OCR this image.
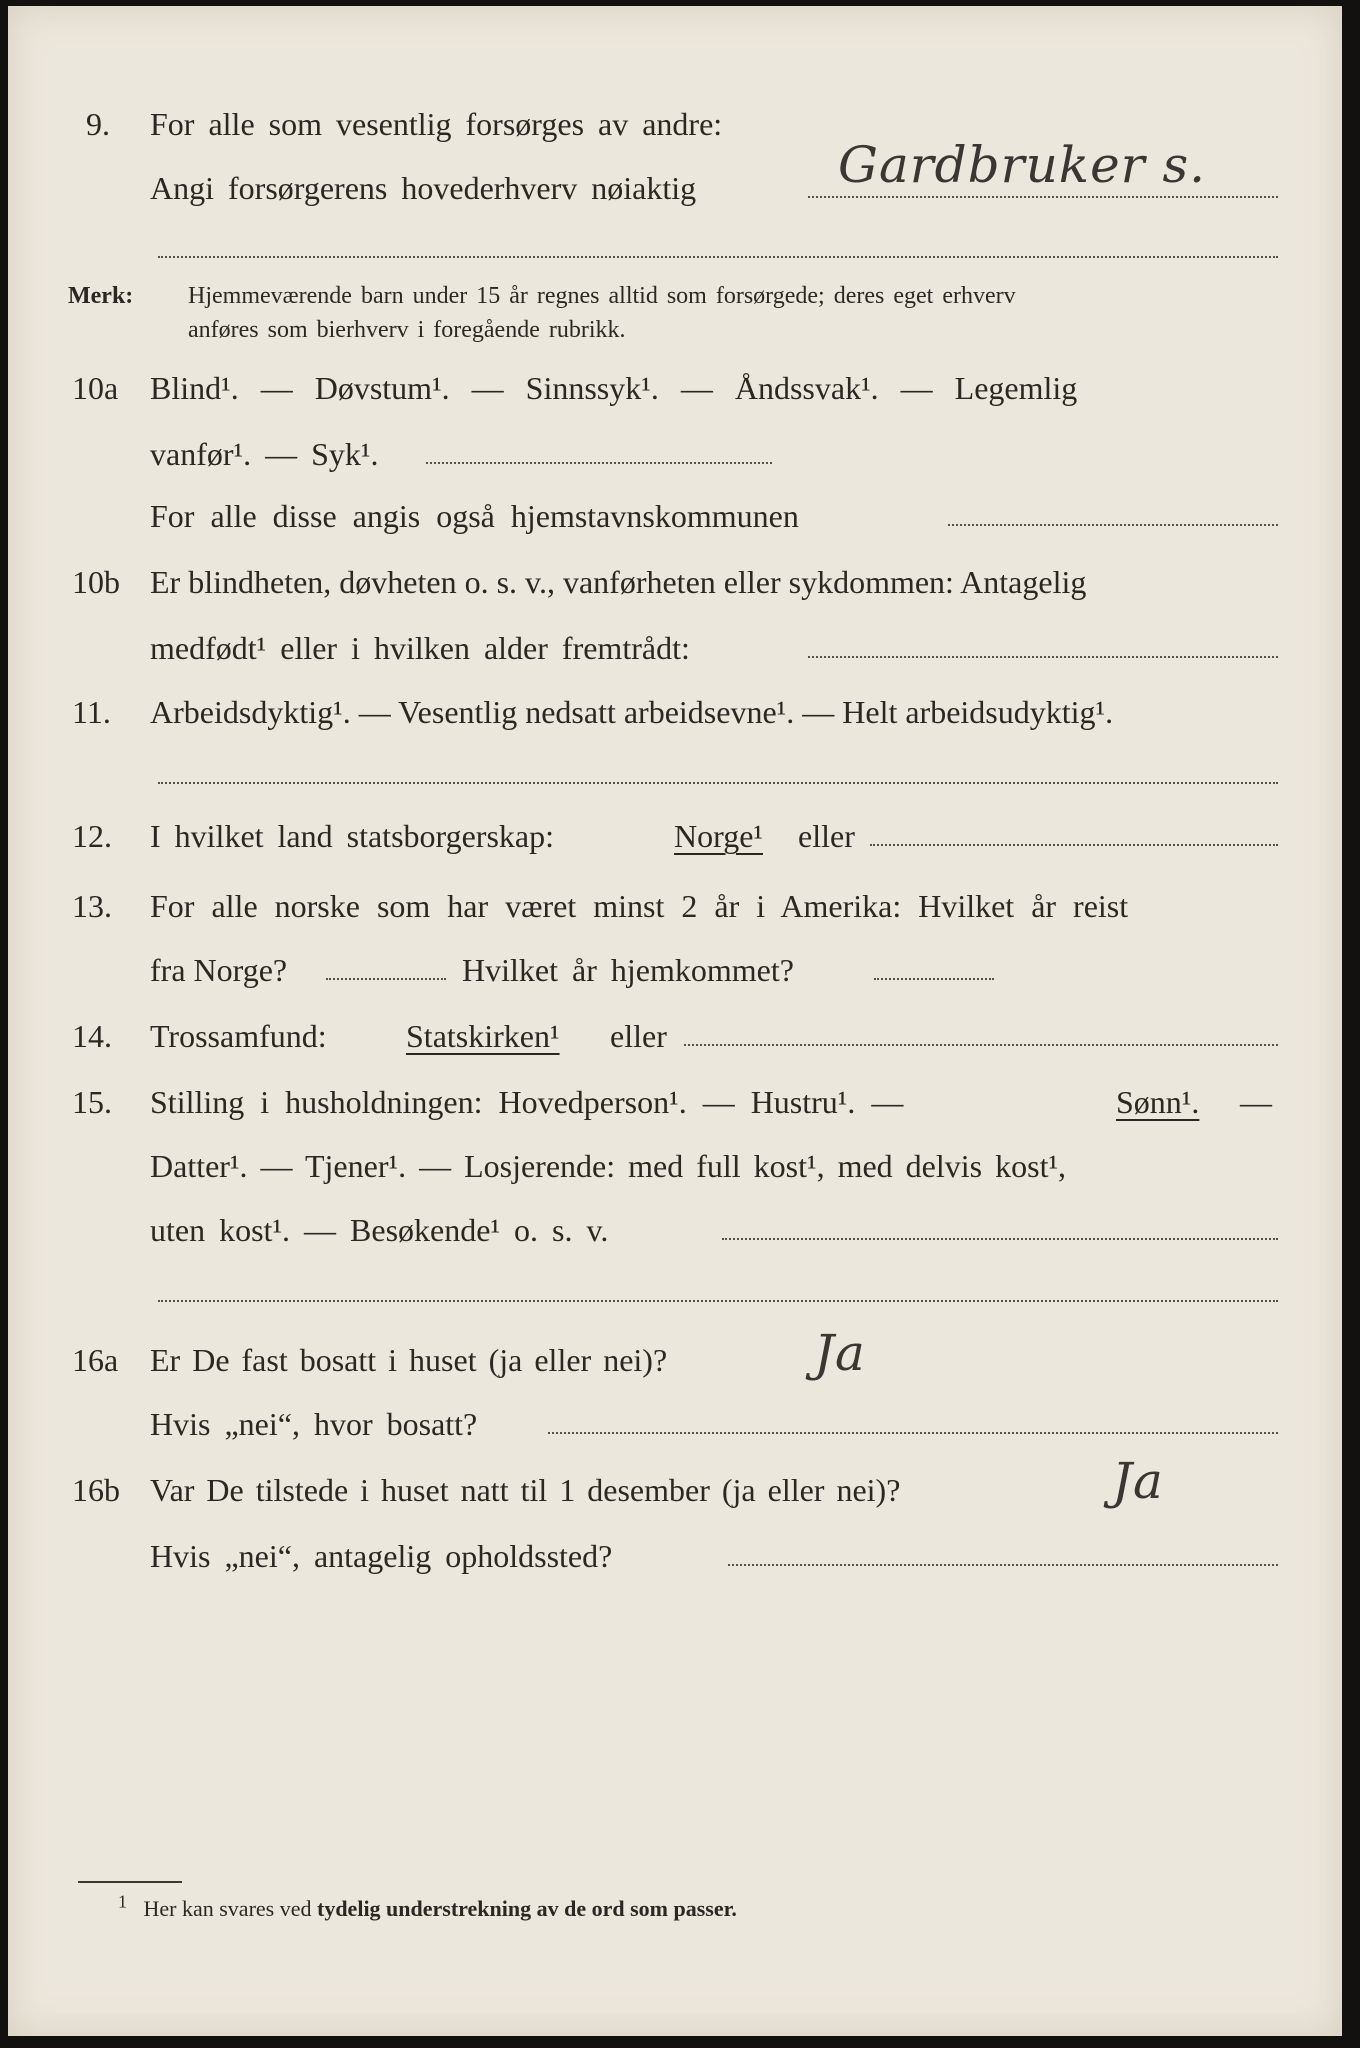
9. For alle som vesentlig forsørges av andre:
Angi forsørgerens hovederhverv nøiaktig	Gardbruker s.
Merk: Hjemmeværende barn under 15 år regnes alltid som forsørgede; deres eget erhverv
anføres som bierhverv i foregående rubrikk.
10a Blind¹. — Døvstum¹. — Sinnssyk¹. — Åndssvak¹. — Legemlig
vanfør¹. — Syk¹.
For alle disse angis også hjemstavnskommunen
10b Er blindheten, døvheten o. s. v., vanførheten eller sykdommen: Antagelig
medfødt¹ eller i hvilken alder fremtrådt:
11. Arbeidsdyktig¹. — Vesentlig nedsatt arbeidsevne¹. — Helt arbeidsudyktig¹.
12. I hvilket land statsborgerskap:	Norge¹ eller
13. For alle norske som har været minst 2 år i Amerika: Hvilket år reist
fra Norge?	Hvilket år hjemkommet?
14. Trossamfund: Statskirken¹ eller
15. Stilling i husholdningen: Hovedperson¹. — Hustru¹. —	Sønn¹. —
Datter¹. — Tjener¹. — Losjerende: med full kost¹, med delvis kost¹,
uten kost¹. — Besøkende¹ o. s. v.
16a Er De fast bosatt i huset (ja eller nei)?	Ja
Hvis „nei“, hvor bosatt?
16b Var De tilstede i huset natt til 1 desember (ja eller nei)?	Ja
Hvis „nei“, antagelig opholdssted?
$^1$ Her kan svares ved tydelig understrekning av de ord som passer.
